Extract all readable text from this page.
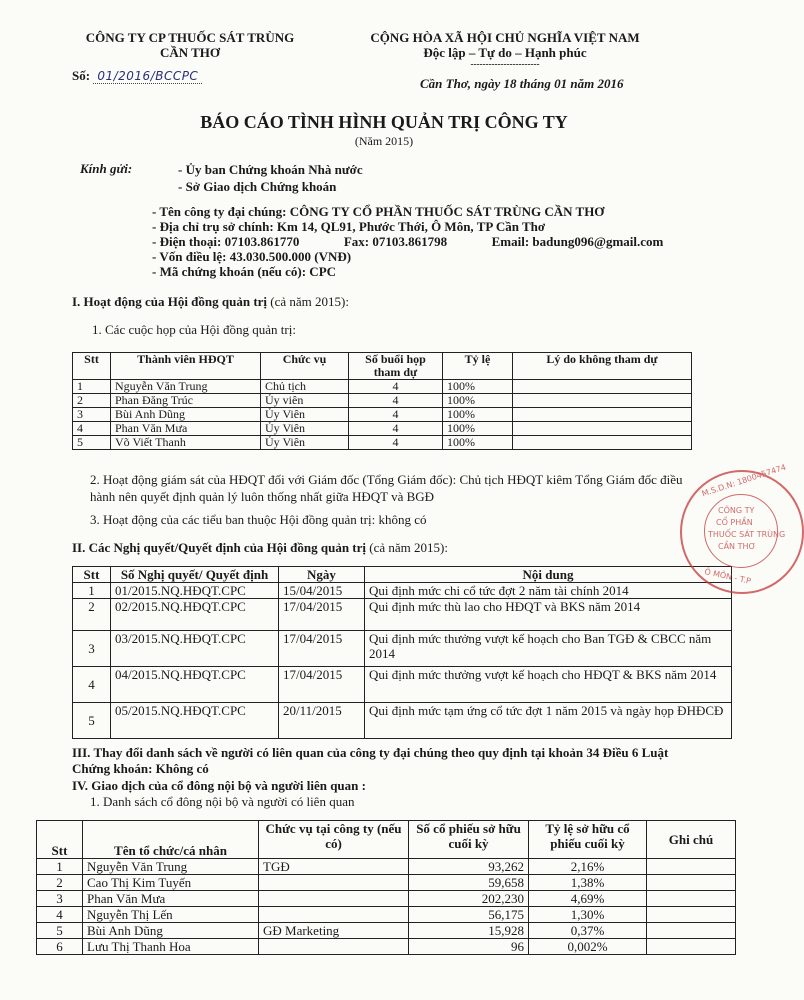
CÔNG TY CP THUỐC SÁT TRÙNG
CẦN THƠ
Số: 01/2016/BCCPC
CỘNG HÒA XÃ HỘI CHỦ NGHĨA VIỆT NAM
Độc lập – Tự do – Hạnh phúc
-----------------------
Cần Thơ, ngày 18 tháng 01 năm 2016
BÁO CÁO TÌNH HÌNH QUẢN TRỊ CÔNG TY
(Năm 2015)
Kính gửi:	- Ủy ban Chứng khoán Nhà nước
- Sở Giao dịch Chứng khoán
- Tên công ty đại chúng: CÔNG TY CỔ PHẦN THUỐC SÁT TRÙNG CẦN THƠ
- Địa chỉ trụ sở chính: Km 14, QL91, Phước Thới, Ô Môn, TP Cần Thơ
- Điện thoại: 07103.861770	Fax: 07103.861798	Email: badung096@gmail.com
- Vốn điều lệ: 43.030.500.000 (VNĐ)
- Mã chứng khoán (nếu có): CPC
I. Hoạt động của Hội đồng quản trị (cả năm 2015):
1. Các cuộc họp của Hội đồng quản trị:
Stt	Thành viên HĐQT	Chức vụ	Số buổi họp tham dự	Tỷ lệ	Lý do không tham dự
1	Nguyễn Văn Trung	Chủ tịch	4	100%	
2	Phan Đăng Trúc	Ủy viên	4	100%	
3	Bùi Anh Dũng	Ủy Viên	4	100%	
4	Phan Văn Mưa	Ủy Viên	4	100%	
5	Võ Viết Thanh	Ủy Viên	4	100%	
2. Hoạt động giám sát của HĐQT đối với Giám đốc (Tổng Giám đốc): Chủ tịch HĐQT kiêm Tổng Giám đốc điều
hành nên quyết định quản lý luôn thống nhất giữa HĐQT và BGĐ
3. Hoạt động của các tiểu ban thuộc Hội đồng quản trị: không có
II. Các Nghị quyết/Quyết định của Hội đồng quản trị (cả năm 2015):
Stt	Số Nghị quyết/ Quyết định	Ngày	Nội dung
1	01/2015.NQ.HĐQT.CPC	15/04/2015	Qui định mức chi cổ tức đợt 2 năm tài chính 2014
2	02/2015.NQ.HĐQT.CPC	17/04/2015	Qui định mức thù lao cho HĐQT và BKS năm 2014
3	03/2015.NQ.HĐQT.CPC	17/04/2015	Qui định mức thưởng vượt kế hoạch cho Ban TGĐ & CBCC năm 2014
4	04/2015.NQ.HĐQT.CPC	17/04/2015	Qui định mức thưởng vượt kế hoạch cho HĐQT & BKS năm 2014
5	05/2015.NQ.HĐQT.CPC	20/11/2015	Qui định mức tạm ứng cổ tức đợt 1 năm 2015 và ngày họp ĐHĐCĐ
III. Thay đổi danh sách về người có liên quan của công ty đại chúng theo quy định tại khoản 34 Điều 6 Luật
Chứng khoán: Không có
IV. Giao dịch của cổ đông nội bộ và người liên quan :
1. Danh sách cổ đông nội bộ và người có liên quan
Stt	Tên tổ chức/cá nhân	Chức vụ tại công ty (nếu có)	Số cổ phiếu sở hữu cuối kỳ	Tỷ lệ sở hữu cổ phiếu cuối kỳ	Ghi chú
1	Nguyễn Văn Trung	TGĐ	93,262	2,16%	
2	Cao Thị Kim Tuyến		59,658	1,38%	
3	Phan Văn Mưa		202,230	4,69%	
4	Nguyễn Thị Lến		56,175	1,30%	
5	Bùi Anh Dũng	GĐ Marketing	15,928	0,37%	
6	Lưu Thị Thanh Hoa		96	0,002%	
M.S.D.N: 1800457474
CÔNG TY
CỔ PHẦN
THUỐC SÁT TRÙNG
CẦN THƠ
Ô MÔN - T.P
